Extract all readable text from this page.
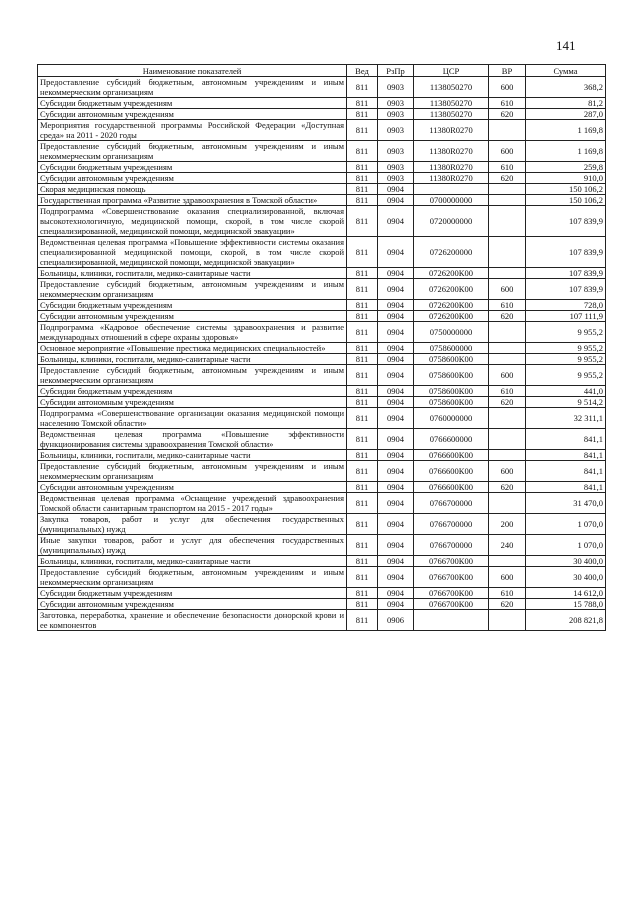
141
Наименование показателей	Вед	РзПр	ЦСР	ВР	Сумма
Предоставление субсидий бюджетным, автономным учреждениям и иным некоммерческим организациям	811	0903	1138050270	600	368,2
Субсидии бюджетным учреждениям	811	0903	1138050270	610	81,2
Субсидии автономным учреждениям	811	0903	1138050270	620	287,0
Мероприятия государственной программы Российской Федерации «Доступная среда» на 2011 - 2020 годы	811	0903	11380R0270		1 169,8
Предоставление субсидий бюджетным, автономным учреждениям и иным некоммерческим организациям	811	0903	11380R0270	600	1 169,8
Субсидии бюджетным учреждениям	811	0903	11380R0270	610	259,8
Субсидии автономным учреждениям	811	0903	11380R0270	620	910,0
Скорая медицинская помощь	811	0904			150 106,2
Государственная программа «Развитие здравоохранения в Томской области»	811	0904	0700000000		150 106,2
Подпрограмма «Совершенствование оказания специализированной, включая высокотехнологичную, медицинской помощи, скорой, в том числе скорой специализированной, медицинской помощи, медицинской эвакуации»	811	0904	0720000000		107 839,9
Ведомственная целевая программа «Повышение эффективности системы оказания специализированной медицинской помощи, скорой, в том числе скорой специализированной, медицинской помощи, медицинской эвакуации»	811	0904	0726200000		107 839,9
Больницы, клиники, госпитали, медико-санитарные части	811	0904	0726200К00		107 839,9
Предоставление субсидий бюджетным, автономным учреждениям и иным некоммерческим организациям	811	0904	0726200К00	600	107 839,9
Субсидии бюджетным учреждениям	811	0904	0726200К00	610	728,0
Субсидии автономным учреждениям	811	0904	0726200К00	620	107 111,9
Подпрограмма «Кадровое обеспечение системы здравоохранения и развитие международных отношений в сфере охраны здоровья»	811	0904	0750000000		9 955,2
Основное мероприятие «Повышение престижа медицинских специальностей»	811	0904	0758600000		9 955,2
Больницы, клиники, госпитали, медико-санитарные части	811	0904	0758600К00		9 955,2
Предоставление субсидий бюджетным, автономным учреждениям и иным некоммерческим организациям	811	0904	0758600К00	600	9 955,2
Субсидии бюджетным учреждениям	811	0904	0758600К00	610	441,0
Субсидии автономным учреждениям	811	0904	0758600К00	620	9 514,2
Подпрограмма «Совершенствование организации оказания медицинской помощи населению Томской области»	811	0904	0760000000		32 311,1
Ведомственная целевая программа «Повышение эффективности функционирования системы здравоохранения Томской области»	811	0904	0766600000		841,1
Больницы, клиники, госпитали, медико-санитарные части	811	0904	0766600К00		841,1
Предоставление субсидий бюджетным, автономным учреждениям и иным некоммерческим организациям	811	0904	0766600К00	600	841,1
Субсидии автономным учреждениям	811	0904	0766600К00	620	841,1
Ведомственная целевая программа «Оснащение учреждений здравоохранения Томской области санитарным транспортом на 2015 - 2017 годы»	811	0904	0766700000		31 470,0
Закупка товаров, работ и услуг для обеспечения государственных (муниципальных) нужд	811	0904	0766700000	200	1 070,0
Иные закупки товаров, работ и услуг для обеспечения государственных (муниципальных) нужд	811	0904	0766700000	240	1 070,0
Больницы, клиники, госпитали, медико-санитарные части	811	0904	0766700К00		30 400,0
Предоставление субсидий бюджетным, автономным учреждениям и иным некоммерческим организациям	811	0904	0766700К00	600	30 400,0
Субсидии бюджетным учреждениям	811	0904	0766700К00	610	14 612,0
Субсидии автономным учреждениям	811	0904	0766700К00	620	15 788,0
Заготовка, переработка, хранение и обеспечение безопасности донорской крови и ее компонентов	811	0906			208 821,8
